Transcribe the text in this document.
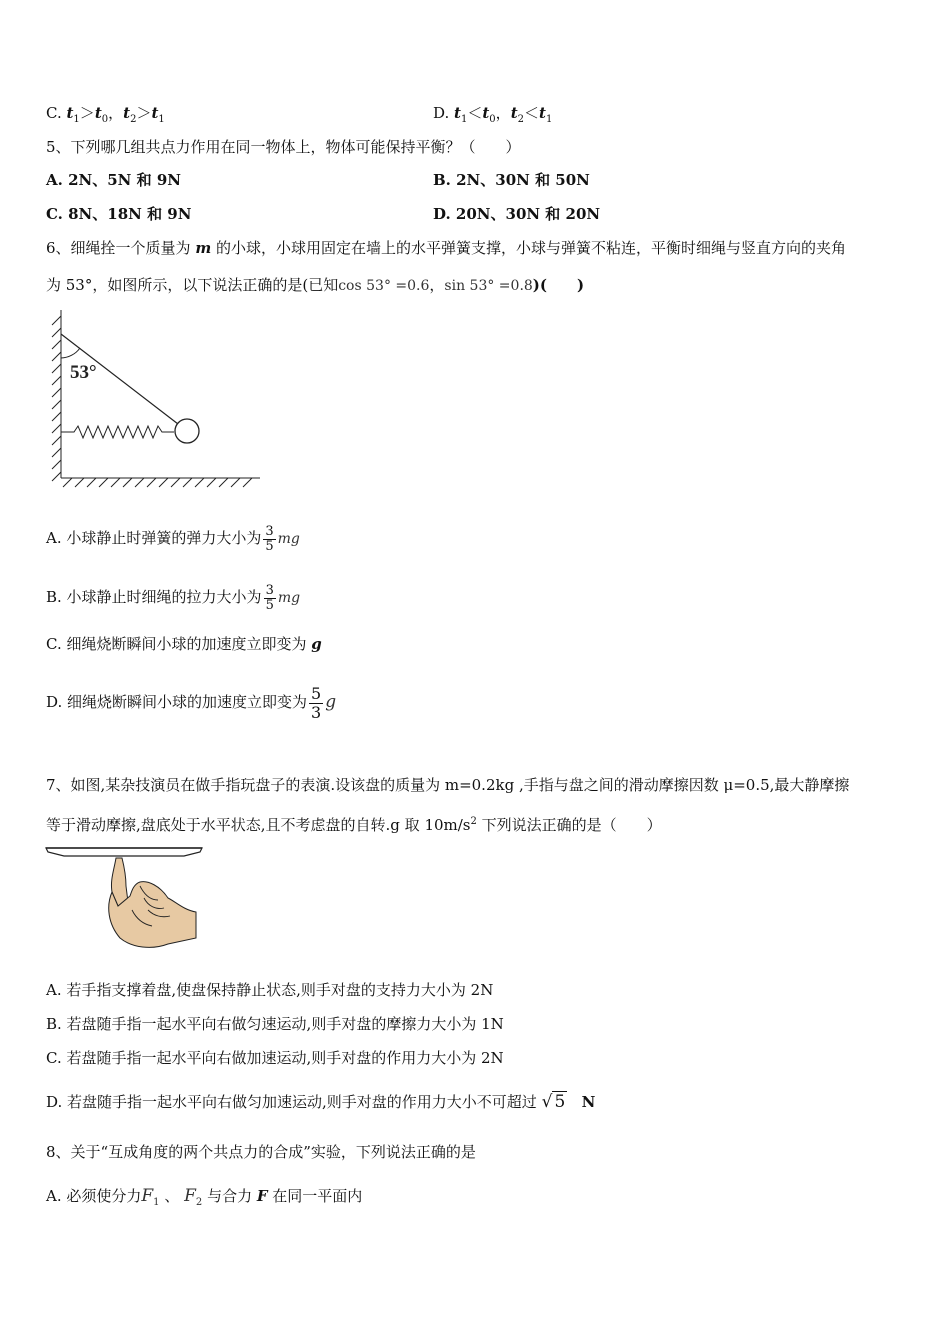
C. $t_1>t_0$，$t_2>t_1$	D. $t_1<t_0$，$t_2<t_1$
5、下列哪几组共点力作用在同一物体上，物体可能保持平衡？（　　）
A. 2N、5N 和 9N	B. 2N、30N 和 50N
C. 8N、18N 和 9N	D. 20N、30N 和 20N
6、细绳拴一个质量为 m 的小球，小球用固定在墙上的水平弹簧支撑，小球与弹簧不粘连，平衡时细绳与竖直方向的夹角
为 53°，如图所示，以下说法正确的是(已知cos 53° =0.6，sin 53° =0.8)(　　)
53°
A. 小球静止时弹簧的弹力大小为 $\frac{3}{5}$ mg
B. 小球静止时细绳的拉力大小为 $\frac{3}{5}$ mg
C. 细绳烧断瞬间小球的加速度立即变为 g
D. 细绳烧断瞬间小球的加速度立即变为 $\frac{5}{3}$ g
7、如图,某杂技演员在做手指玩盘子的表演.设该盘的质量为 m=0.2kg ,手指与盘之间的滑动摩擦因数 μ=0.5,最大静摩擦
等于滑动摩擦,盘底处于水平状态,且不考虑盘的自转.g 取 $10m/s^2$ 下列说法正确的是（　　）
A. 若手指支撑着盘,使盘保持静止状态,则手对盘的支持力大小为 2N
B. 若盘随手指一起水平向右做匀速运动,则手对盘的摩擦力大小为 1N
C. 若盘随手指一起水平向右做加速运动,则手对盘的作用力大小为 2N
D. 若盘随手指一起水平向右做匀加速运动,则手对盘的作用力大小不可超过 √ 5 N
8、关于“互成角度的两个共点力的合成”实验，下列说法正确的是
A. 必须使分力$F_1$ 、 $F_2$ 与合力 F 在同一平面内
